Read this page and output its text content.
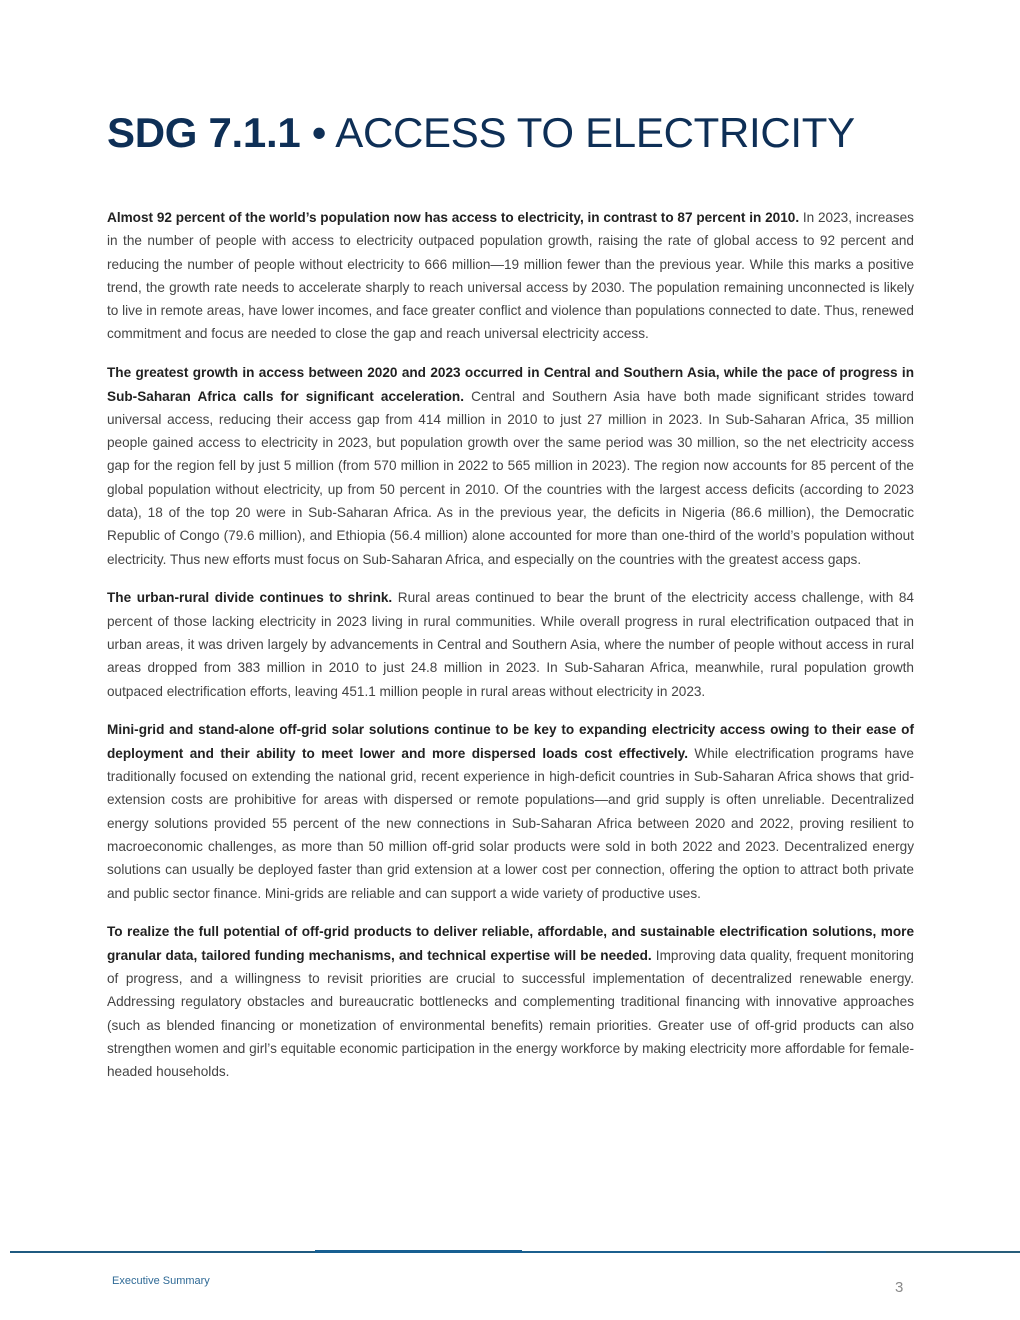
SDG 7.1.1 • ACCESS TO ELECTRICITY

Almost 92 percent of the world’s population now has access to electricity, in contrast to 87 percent in 2010. In 2023, increases in the number of people with access to electricity outpaced population growth, raising the rate of global access to 92 percent and reducing the number of people without electricity to 666 million—19 million fewer than the previous year. While this marks a positive trend, the growth rate needs to accelerate sharply to reach universal access by 2030. The population remaining unconnected is likely to live in remote areas, have lower incomes, and face greater conflict and violence than populations connected to date. Thus, renewed commitment and focus are needed to close the gap and reach universal electricity access.

The greatest growth in access between 2020 and 2023 occurred in Central and Southern Asia, while the pace of progress in Sub-Saharan Africa calls for significant acceleration. Central and Southern Asia have both made significant strides toward universal access, reducing their access gap from 414 million in 2010 to just 27 million in 2023. In Sub-Saharan Africa, 35 million people gained access to electricity in 2023, but population growth over the same period was 30 million, so the net electricity access gap for the region fell by just 5 million (from 570 million in 2022 to 565 million in 2023). The region now accounts for 85 percent of the global population without electricity, up from 50 percent in 2010. Of the countries with the largest access deficits (according to 2023 data), 18 of the top 20 were in Sub-Saharan Africa. As in the previous year, the deficits in Nigeria (86.6 million), the Democratic Republic of Congo (79.6 million), and Ethiopia (56.4 million) alone accounted for more than one-third of the world’s population without electricity. Thus new efforts must focus on Sub-Saharan Africa, and especially on the countries with the greatest access gaps.

The urban-rural divide continues to shrink. Rural areas continued to bear the brunt of the electricity access challenge, with 84 percent of those lacking electricity in 2023 living in rural communities. While overall progress in rural electrification outpaced that in urban areas, it was driven largely by advancements in Central and Southern Asia, where the number of people without access in rural areas dropped from 383 million in 2010 to just 24.8 million in 2023. In Sub-Saharan Africa, meanwhile, rural population growth outpaced electrification efforts, leaving 451.1 million people in rural areas without electricity in 2023.

Mini-grid and stand-alone off-grid solar solutions continue to be key to expanding electricity access owing to their ease of deployment and their ability to meet lower and more dispersed loads cost effectively. While electrification programs have traditionally focused on extending the national grid, recent experience in high-deficit countries in Sub-Saharan Africa shows that grid-extension costs are prohibitive for areas with dispersed or remote populations—and grid supply is often unreliable. Decentralized energy solutions provided 55 percent of the new connections in Sub-Saharan Africa between 2020 and 2022, proving resilient to macroeconomic challenges, as more than 50 million off-grid solar products were sold in both 2022 and 2023. Decentralized energy solutions can usually be deployed faster than grid extension at a lower cost per connection, offering the option to attract both private and public sector finance. Mini-grids are reliable and can support a wide variety of productive uses.

To realize the full potential of off-grid products to deliver reliable, affordable, and sustainable electrification solutions, more granular data, tailored funding mechanisms, and technical expertise will be needed. Improving data quality, frequent monitoring of progress, and a willingness to revisit priorities are crucial to successful implementation of decentralized renewable energy. Addressing regulatory obstacles and bureaucratic bottlenecks and complementing traditional financing with innovative approaches (such as blended financing or monetization of environmental benefits) remain priorities. Greater use of off-grid products can also strengthen women and girl’s equitable economic participation in the energy workforce by making electricity more affordable for female-headed households.

Executive Summary	3
